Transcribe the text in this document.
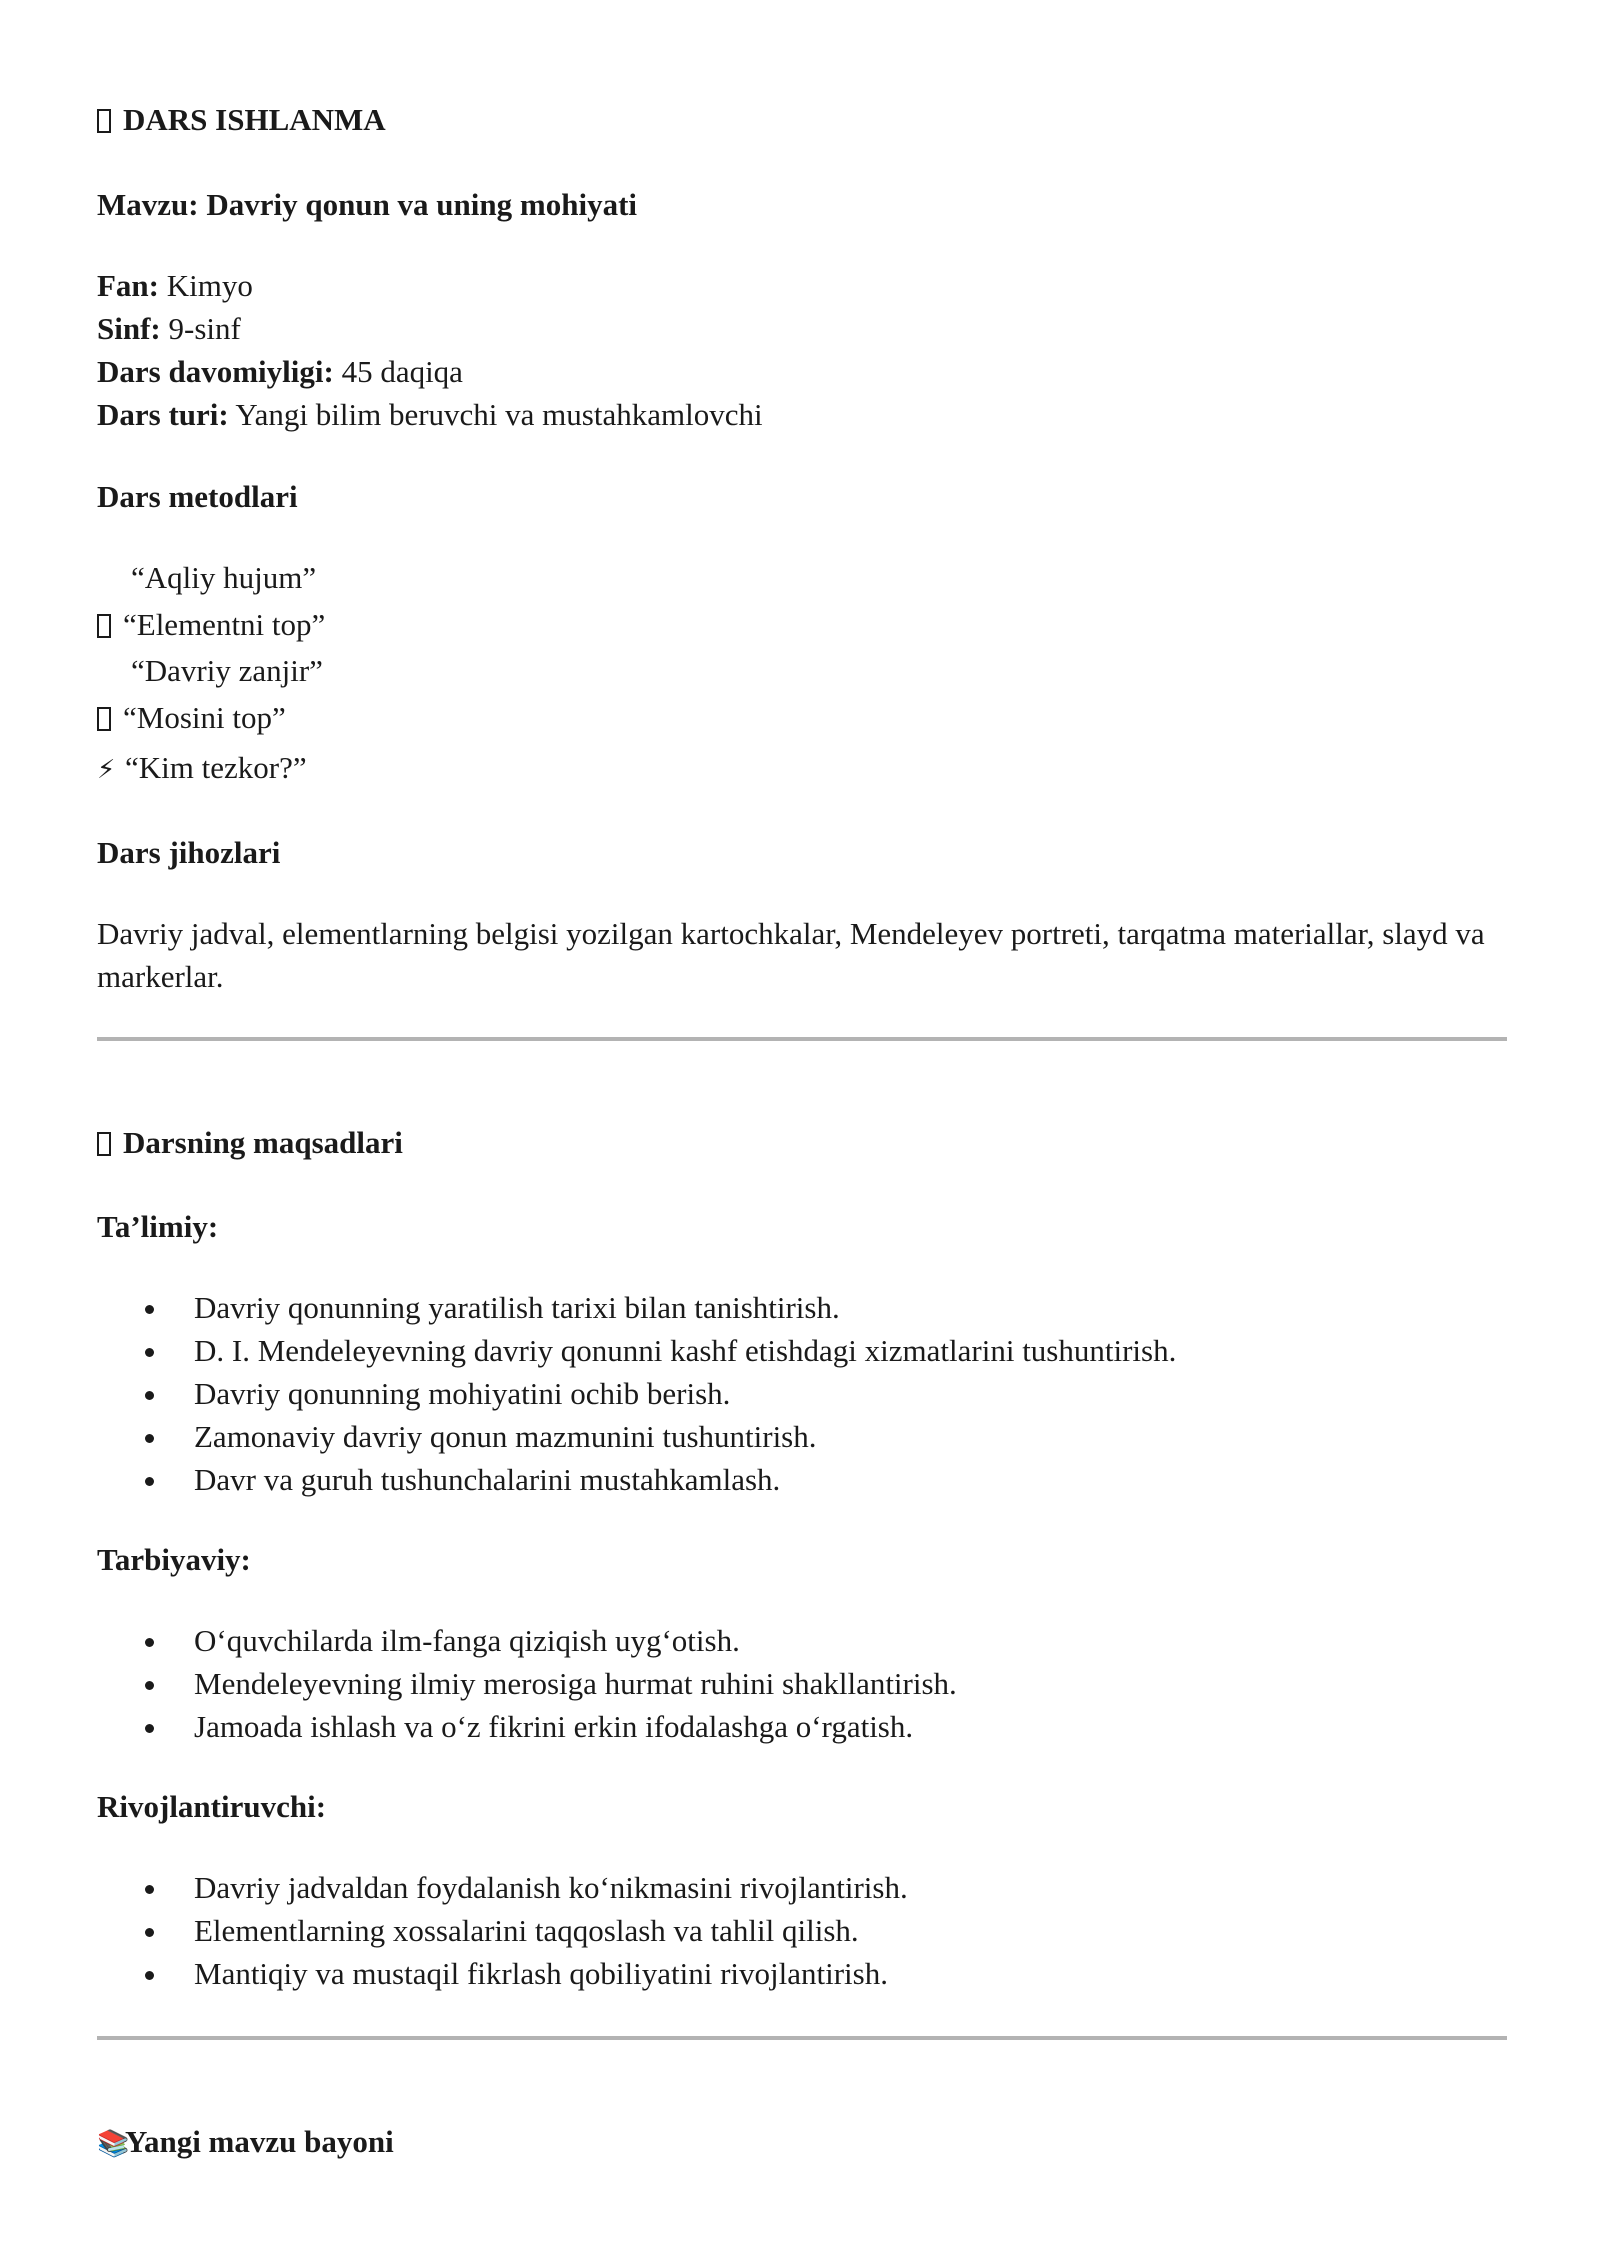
DARS ISHLANMA
Mavzu: Davriy qonun va uning mohiyati
Fan: Kimyo
Sinf: 9-sinf
Dars davomiyligi: 45 daqiqa
Dars turi: Yangi bilim beruvchi va mustahkamlovchi
Dars metodlari
“Aqliy hujum”
“Elementni top”
“Davriy zanjir”
“Mosini top”
⚡ “Kim tezkor?”
Dars jihozlari
Davriy jadval, elementlarning belgisi yozilgan kartochkalar, Mendeleyev portreti, tarqatma materiallar, slayd va markerlar.
Darsning maqsadlari
Ta’limiy:
Davriy qonunning yaratilish tarixi bilan tanishtirish.
D. I. Mendeleyevning davriy qonunni kashf etishdagi xizmatlarini tushuntirish.
Davriy qonunning mohiyatini ochib berish.
Zamonaviy davriy qonun mazmunini tushuntirish.
Davr va guruh tushunchalarini mustahkamlash.
Tarbiyaviy:
O‘quvchilarda ilm-fanga qiziqish uyg‘otish.
Mendeleyevning ilmiy merosiga hurmat ruhini shakllantirish.
Jamoada ishlash va o‘z fikrini erkin ifodalashga o‘rgatish.
Rivojlantiruvchi:
Davriy jadvaldan foydalanish ko‘nikmasini rivojlantirish.
Elementlarning xossalarini taqqoslash va tahlil qilish.
Mantiqiy va mustaqil fikrlash qobiliyatini rivojlantirish.
📚Yangi mavzu bayoni
